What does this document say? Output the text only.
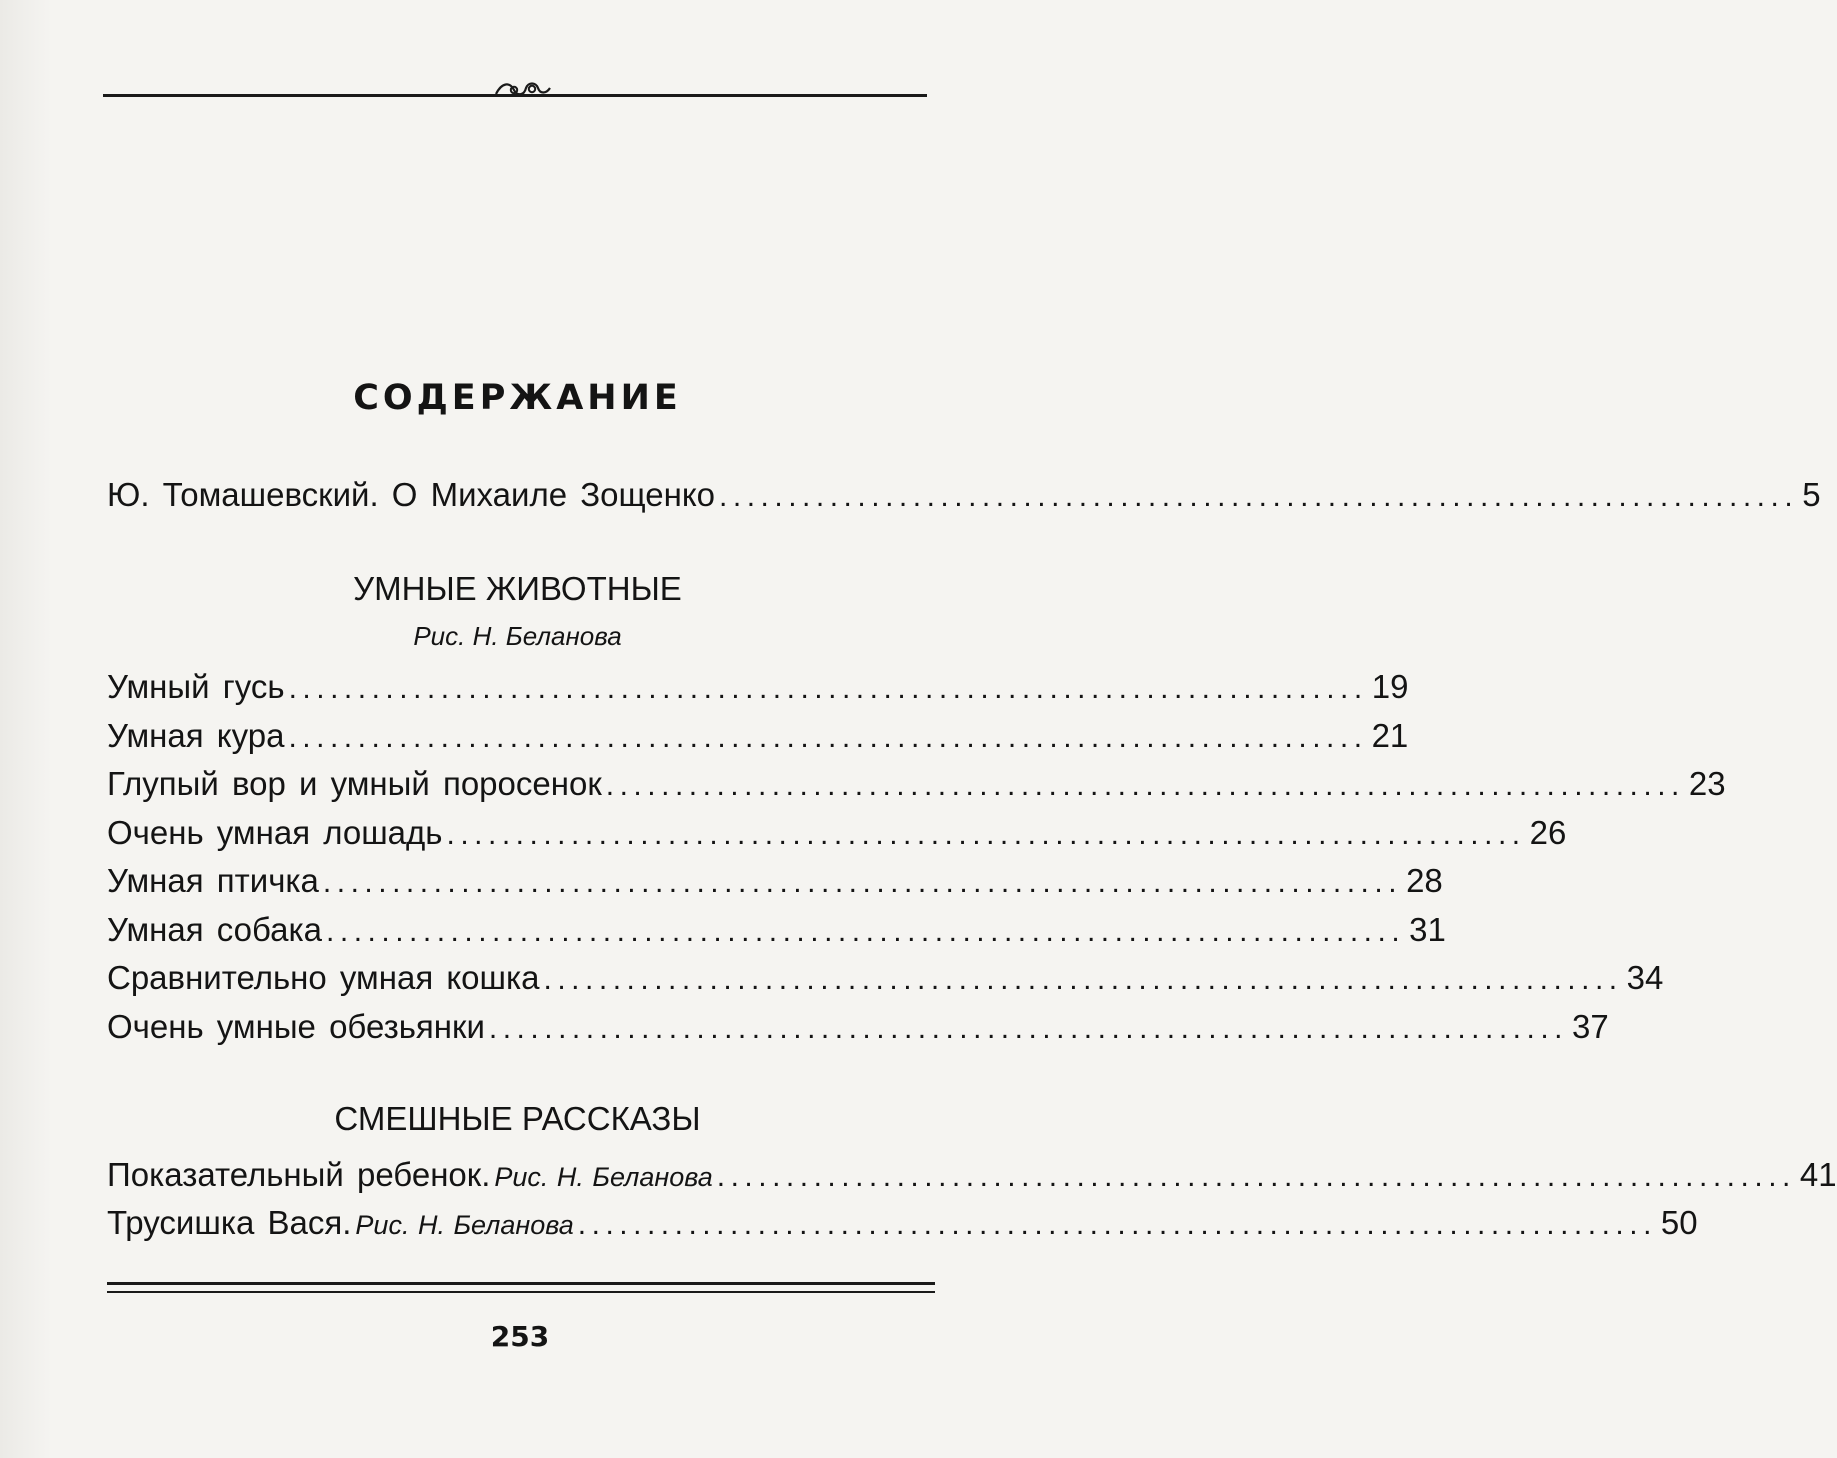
СОДЕРЖАНИЕ
Ю. Томашевский. О Михаиле Зощенко .............................................................................. 5
УМНЫЕ ЖИВОТНЫЕ
Рис. Н. Беланова
Умный гусь .............................................................................. 19
Умная кура .............................................................................. 21
Глупый вор и умный поросенок .............................................................................. 23
Очень умная лошадь .............................................................................. 26
Умная птичка .............................................................................. 28
Умная собака .............................................................................. 31
Сравнительно умная кошка .............................................................................. 34
Очень умные обезьянки .............................................................................. 37
СМЕШНЫЕ РАССКАЗЫ
Показательный ребенок. Рис. Н. Беланова .............................................................................. 41
Трусишка Вася. Рис. Н. Беланова .............................................................................. 50
253
